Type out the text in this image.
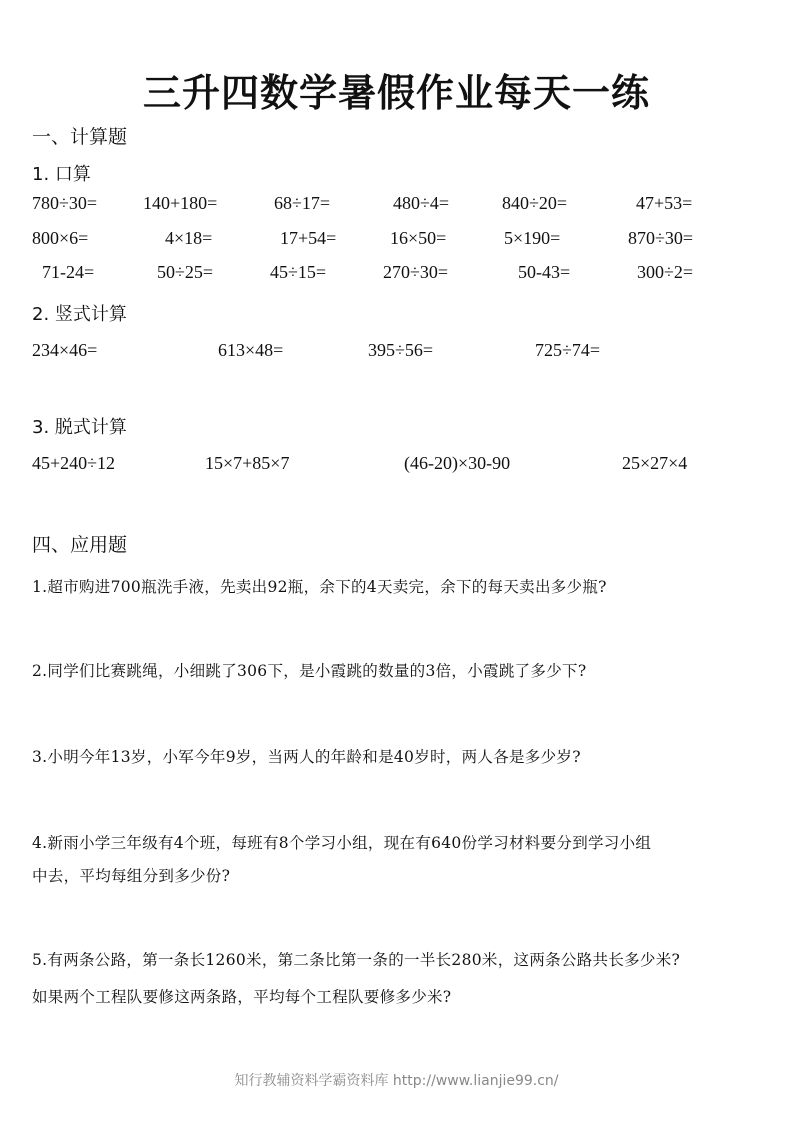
三升四数学暑假作业每天一练
一、计算题
1. 口算
780÷30=	140+180=	68÷17=	480÷4=	840÷20=	47+53=
800×6=	4×18=	17+54=	16×50=	5×190=	870÷30=
71-24=	50÷25=	45÷15=	270÷30=	50-43=	300÷2=
2. 竖式计算
234×46=	613×48=	395÷56=	725÷74=
3. 脱式计算
45+240÷12	15×7+85×7	(46-20)×30-90	25×27×4
四、应用题
1.超市购进700瓶洗手液，先卖出92瓶，余下的4天卖完，余下的每天卖出多少瓶?
2.同学们比赛跳绳，小细跳了306下，是小霞跳的数量的3倍，小霞跳了多少下?
3.小明今年13岁，小军今年9岁，当两人的年龄和是40岁时，两人各是多少岁?
4.新雨小学三年级有4个班，每班有8个学习小组，现在有640份学习材料要分到学习小组
中去，平均每组分到多少份?
5.有两条公路，第一条长1260米，第二条比第一条的一半长280米，这两条公路共长多少米?
如果两个工程队要修这两条路，平均每个工程队要修多少米?
知行教辅资料学霸资料库 http://www.lianjie99.cn/
